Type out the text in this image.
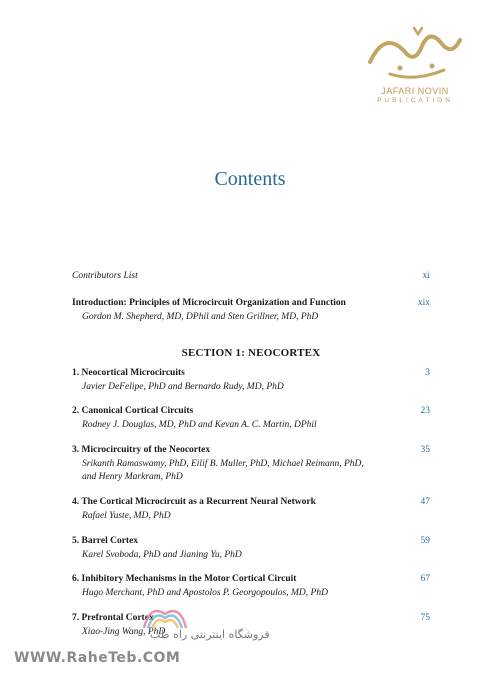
JAFARI NOVIN
PUBLICATION
Contents
Contributors List	xi
Introduction: Principles of Microcircuit Organization and Function	xix
Gordon M. Shepherd, MD, DPhil and Sten Grillner, MD, PhD
SECTION 1: NEOCORTEX
1. Neocortical Microcircuits	3
Javier DeFelipe, PhD and Bernardo Rudy, MD, PhD
2. Canonical Cortical Circuits	23
Rodney J. Douglas, MD, PhD and Kevan A. C. Martin, DPhil
3. Microcircuitry of the Neocortex	35
Srikanth Ramaswamy, PhD, Eilif B. Muller, PhD, Michael Reimann, PhD,
and Henry Markram, PhD
4. The Cortical Microcircuit as a Recurrent Neural Network	47
Rafael Yuste, MD, PhD
5. Barrel Cortex	59
Karel Svoboda, PhD and Jianing Yu, PhD
6. Inhibitory Mechanisms in the Motor Cortical Circuit	67
Hugo Merchant, PhD and Apostolos P. Georgopoulos, MD, PhD
7. Prefrontal Cortex	75
Xiao-Jing Wang, PhD
فروشگاه اینترنتی راه طب
WWW.RaheTeb.COM
